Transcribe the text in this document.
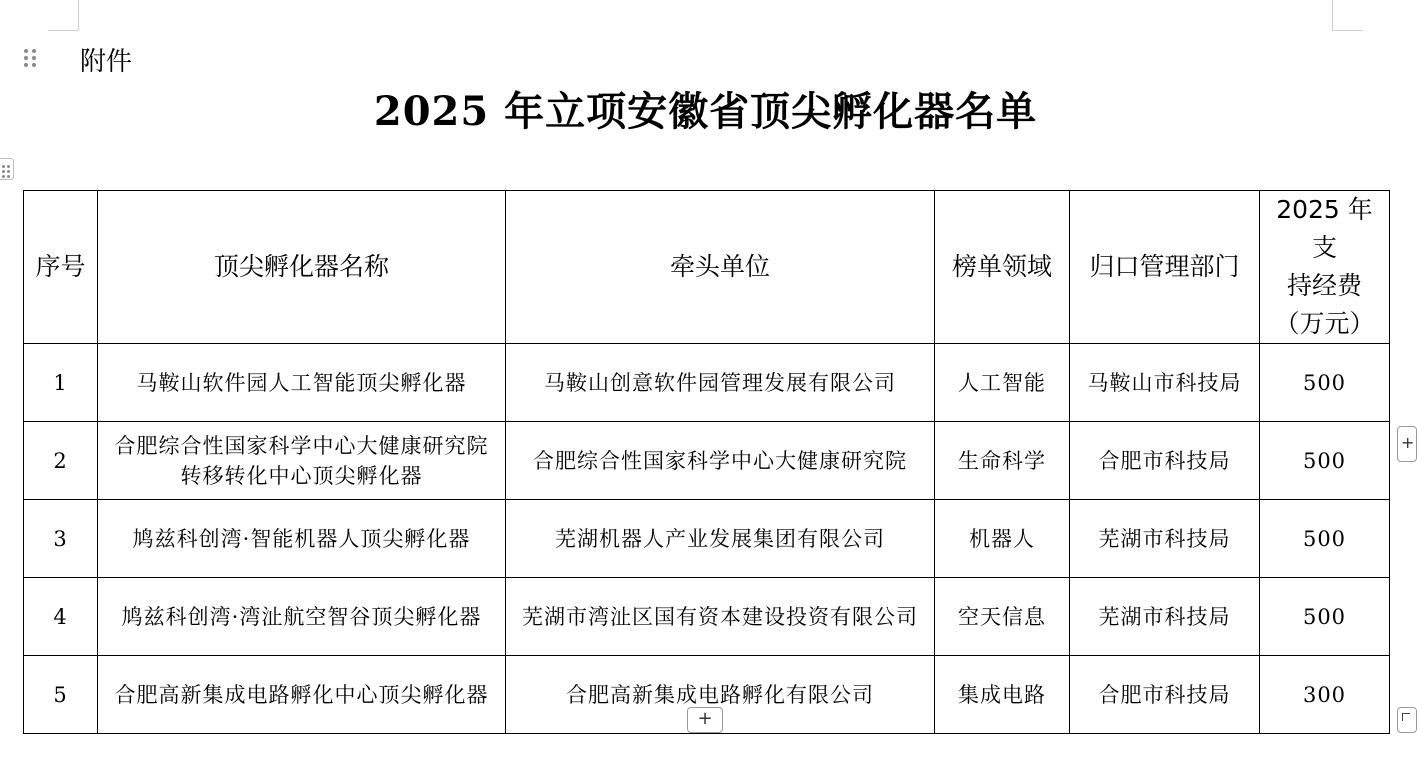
附件
2025 年立项安徽省顶尖孵化器名单
序号	顶尖孵化器名称	牵头单位	榜单领域	归口管理部门	2025 年支
持经费
（万元）

1	马鞍山软件园人工智能顶尖孵化器	马鞍山创意软件园管理发展有限公司	人工智能	马鞍山市科技局	500
2	合肥综合性国家科学中心大健康研究院
转移转化中心顶尖孵化器	合肥综合性国家科学中心大健康研究院	生命科学	合肥市科技局	500
3	鸠兹科创湾·智能机器人顶尖孵化器	芜湖机器人产业发展集团有限公司	机器人	芜湖市科技局	500
4	鸠兹科创湾·湾沚航空智谷顶尖孵化器	芜湖市湾沚区国有资本建设投资有限公司	空天信息	芜湖市科技局	500
5	合肥高新集成电路孵化中心顶尖孵化器	合肥高新集成电路孵化有限公司	集成电路	合肥市科技局	300
+
+
